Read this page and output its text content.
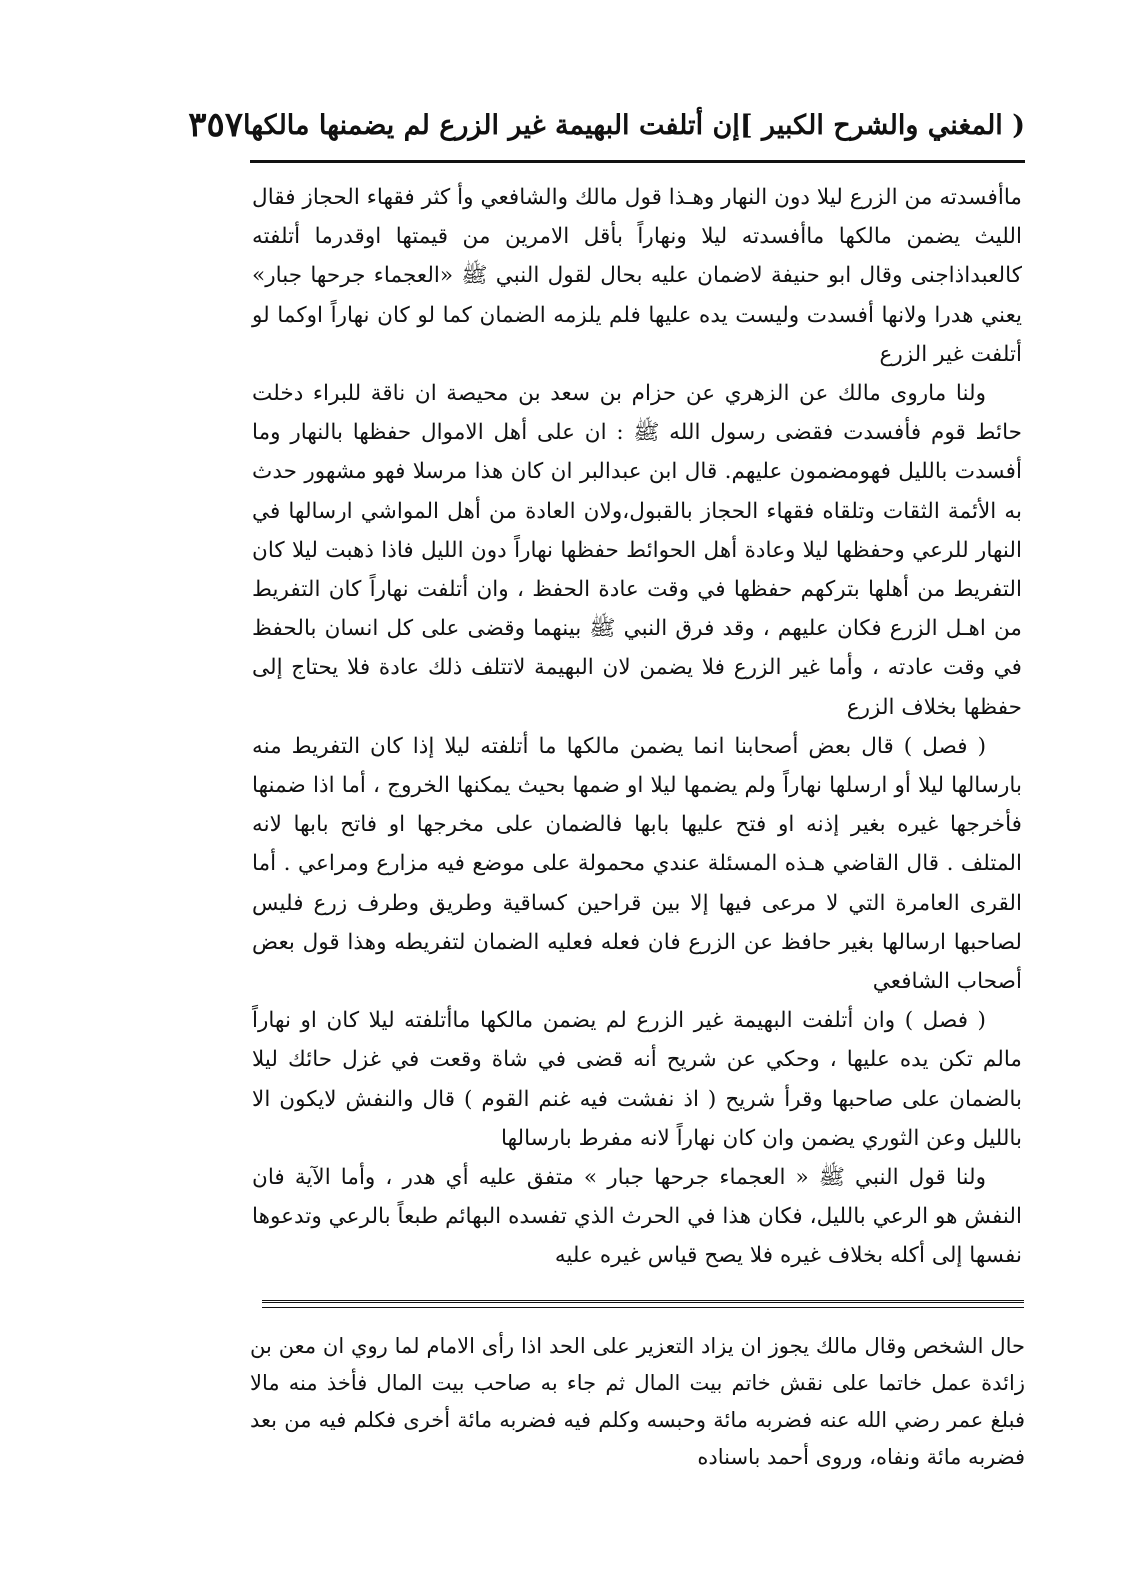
( المغني والشرح الكبير ]
إن أتلفت البهيمة غير الزرع لم يضمنها مالكها
٣٥٧

ماأفسدته من الزرع ليلا دون النهار وهـذا قول مالك والشافعي وأ كثر فقهاء الحجاز فقال الليث يضمن مالكها ماأفسدته ليلا ونهاراً بأقل الامرين من قيمتها اوقدرما أتلفته كالعبداذاجنى وقال ابو حنيفة لاضمان عليه بحال لقول النبي ﷺ «العجماء جرحها جبار» يعني هدرا ولانها أفسدت وليست يده عليها فلم يلزمه الضمان كما لو كان نهاراً اوكما لو أتلفت غير الزرع

ولنا ماروى مالك عن الزهري عن حزام بن سعد بن محيصة ان ناقة للبراء دخلت حائط قوم فأفسدت فقضى رسول الله ﷺ : ان على أهل الاموال حفظها بالنهار وما أفسدت بالليل فهومضمون عليهم. قال ابن عبدالبر ان كان هذا مرسلا فهو مشهور حدث به الأئمة الثقات وتلقاه فقهاء الحجاز بالقبول،ولان العادة من أهل المواشي ارسالها في النهار للرعي وحفظها ليلا وعادة أهل الحوائط حفظها نهاراً دون الليل فاذا ذهبت ليلا كان التفريط من أهلها بتركهم حفظها في وقت عادة الحفظ ، وان أتلفت نهاراً كان التفريط من اهـل الزرع فكان عليهم ، وقد فرق النبي ﷺ بينهما وقضى على كل انسان بالحفظ في وقت عادته ، وأما غير الزرع فلا يضمن لان البهيمة لاتتلف ذلك عادة فلا يحتاج إلى حفظها بخلاف الزرع

( فصل ) قال بعض أصحابنا انما يضمن مالكها ما أتلفته ليلا إذا كان التفريط منه بارسالها ليلا أو ارسلها نهاراً ولم يضمها ليلا او ضمها بحيث يمكنها الخروج ، أما اذا ضمنها فأخرجها غيره بغير إذنه او فتح عليها بابها فالضمان على مخرجها او فاتح بابها لانه المتلف . قال القاضي هـذه المسئلة عندي محمولة على موضع فيه مزارع ومراعي . أما القرى العامرة التي لا مرعى فيها إلا بين قراحين كساقية وطريق وطرف زرع فليس لصاحبها ارسالها بغير حافظ عن الزرع فان فعله فعليه الضمان لتفريطه وهذا قول بعض أصحاب الشافعي

( فصل ) وان أتلفت البهيمة غير الزرع لم يضمن مالكها ماأتلفته ليلا كان او نهاراً مالم تكن يده عليها ، وحكي عن شريح أنه قضى في شاة وقعت في غزل حائك ليلا بالضمان على صاحبها وقرأ شريح ( اذ نفشت فيه غنم القوم ) قال والنفش لايكون الا بالليل وعن الثوري يضمن وان كان نهاراً لانه مفرط بارسالها

ولنا قول النبي ﷺ « العجماء جرحها جبار » متفق عليه أي هدر ، وأما الآية فان النفش هو الرعي بالليل، فكان هذا في الحرث الذي تفسده البهائم طبعاً بالرعي وتدعوها نفسها إلى أكله بخلاف غيره فلا يصح قياس غيره عليه

حال الشخص وقال مالك يجوز ان يزاد التعزير على الحد اذا رأى الامام لما روي ان معن بن زائدة عمل خاتما على نقش خاتم بيت المال ثم جاء به صاحب بيت المال فأخذ منه مالا فبلغ عمر رضي الله عنه فضربه مائة وحبسه وكلم فيه فضربه مائة أخرى فكلم فيه من بعد فضربه مائة ونفاه، وروى أحمد باسناده
